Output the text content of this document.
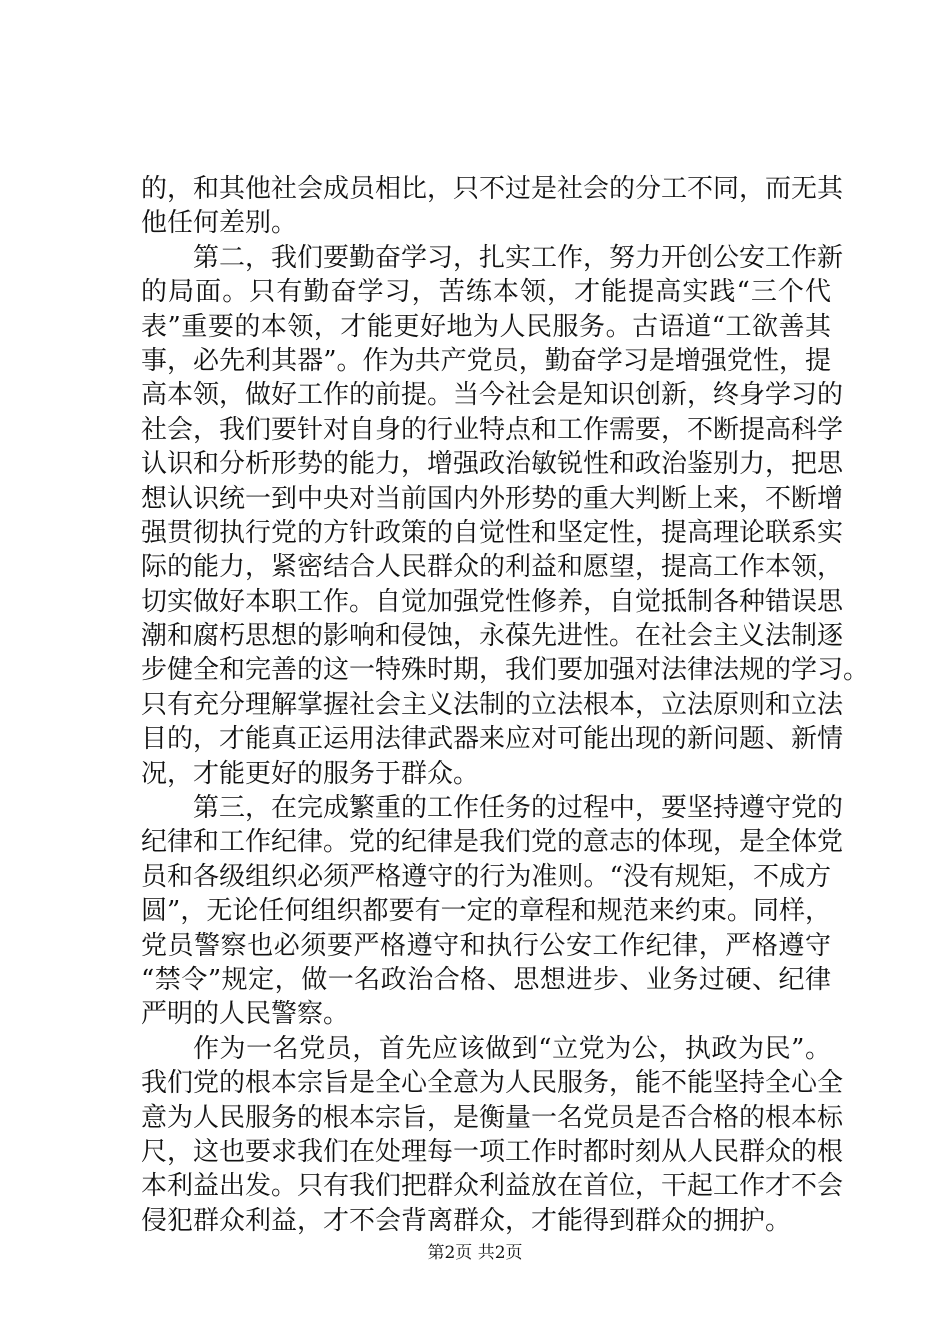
的，和其他社会成员相比，只不过是社会的分工不同，而无其
他任何差别。
第二，我们要勤奋学习，扎实工作，努力开创公安工作新
的局面。只有勤奋学习，苦练本领，才能提高实践“三个代
表”重要的本领，才能更好地为人民服务。古语道“工欲善其
事，必先利其器”。作为共产党员，勤奋学习是增强党性，提
高本领，做好工作的前提。当今社会是知识创新，终身学习的
社会，我们要针对自身的行业特点和工作需要，不断提高科学
认识和分析形势的能力，增强政治敏锐性和政治鉴别力，把思
想认识统一到中央对当前国内外形势的重大判断上来，不断增
强贯彻执行党的方针政策的自觉性和坚定性，提高理论联系实
际的能力，紧密结合人民群众的利益和愿望，提高工作本领，
切实做好本职工作。自觉加强党性修养，自觉抵制各种错误思
潮和腐朽思想的影响和侵蚀，永葆先进性。在社会主义法制逐
步健全和完善的这一特殊时期，我们要加强对法律法规的学习。
只有充分理解掌握社会主义法制的立法根本，立法原则和立法
目的，才能真正运用法律武器来应对可能出现的新问题、新情
况，才能更好的服务于群众。
第三，在完成繁重的工作任务的过程中，要坚持遵守党的
纪律和工作纪律。党的纪律是我们党的意志的体现，是全体党
员和各级组织必须严格遵守的行为准则。“没有规矩，不成方
圆”，无论任何组织都要有一定的章程和规范来约束。同样，
党员警察也必须要严格遵守和执行公安工作纪律，严格遵守
“禁令”规定，做一名政治合格、思想进步、业务过硬、纪律
严明的人民警察。
作为一名党员，首先应该做到“立党为公，执政为民”。
我们党的根本宗旨是全心全意为人民服务，能不能坚持全心全
意为人民服务的根本宗旨，是衡量一名党员是否合格的根本标
尺，这也要求我们在处理每一项工作时都时刻从人民群众的根
本利益出发。只有我们把群众利益放在首位，干起工作才不会
侵犯群众利益，才不会背离群众，才能得到群众的拥护。
第2页 共2页
